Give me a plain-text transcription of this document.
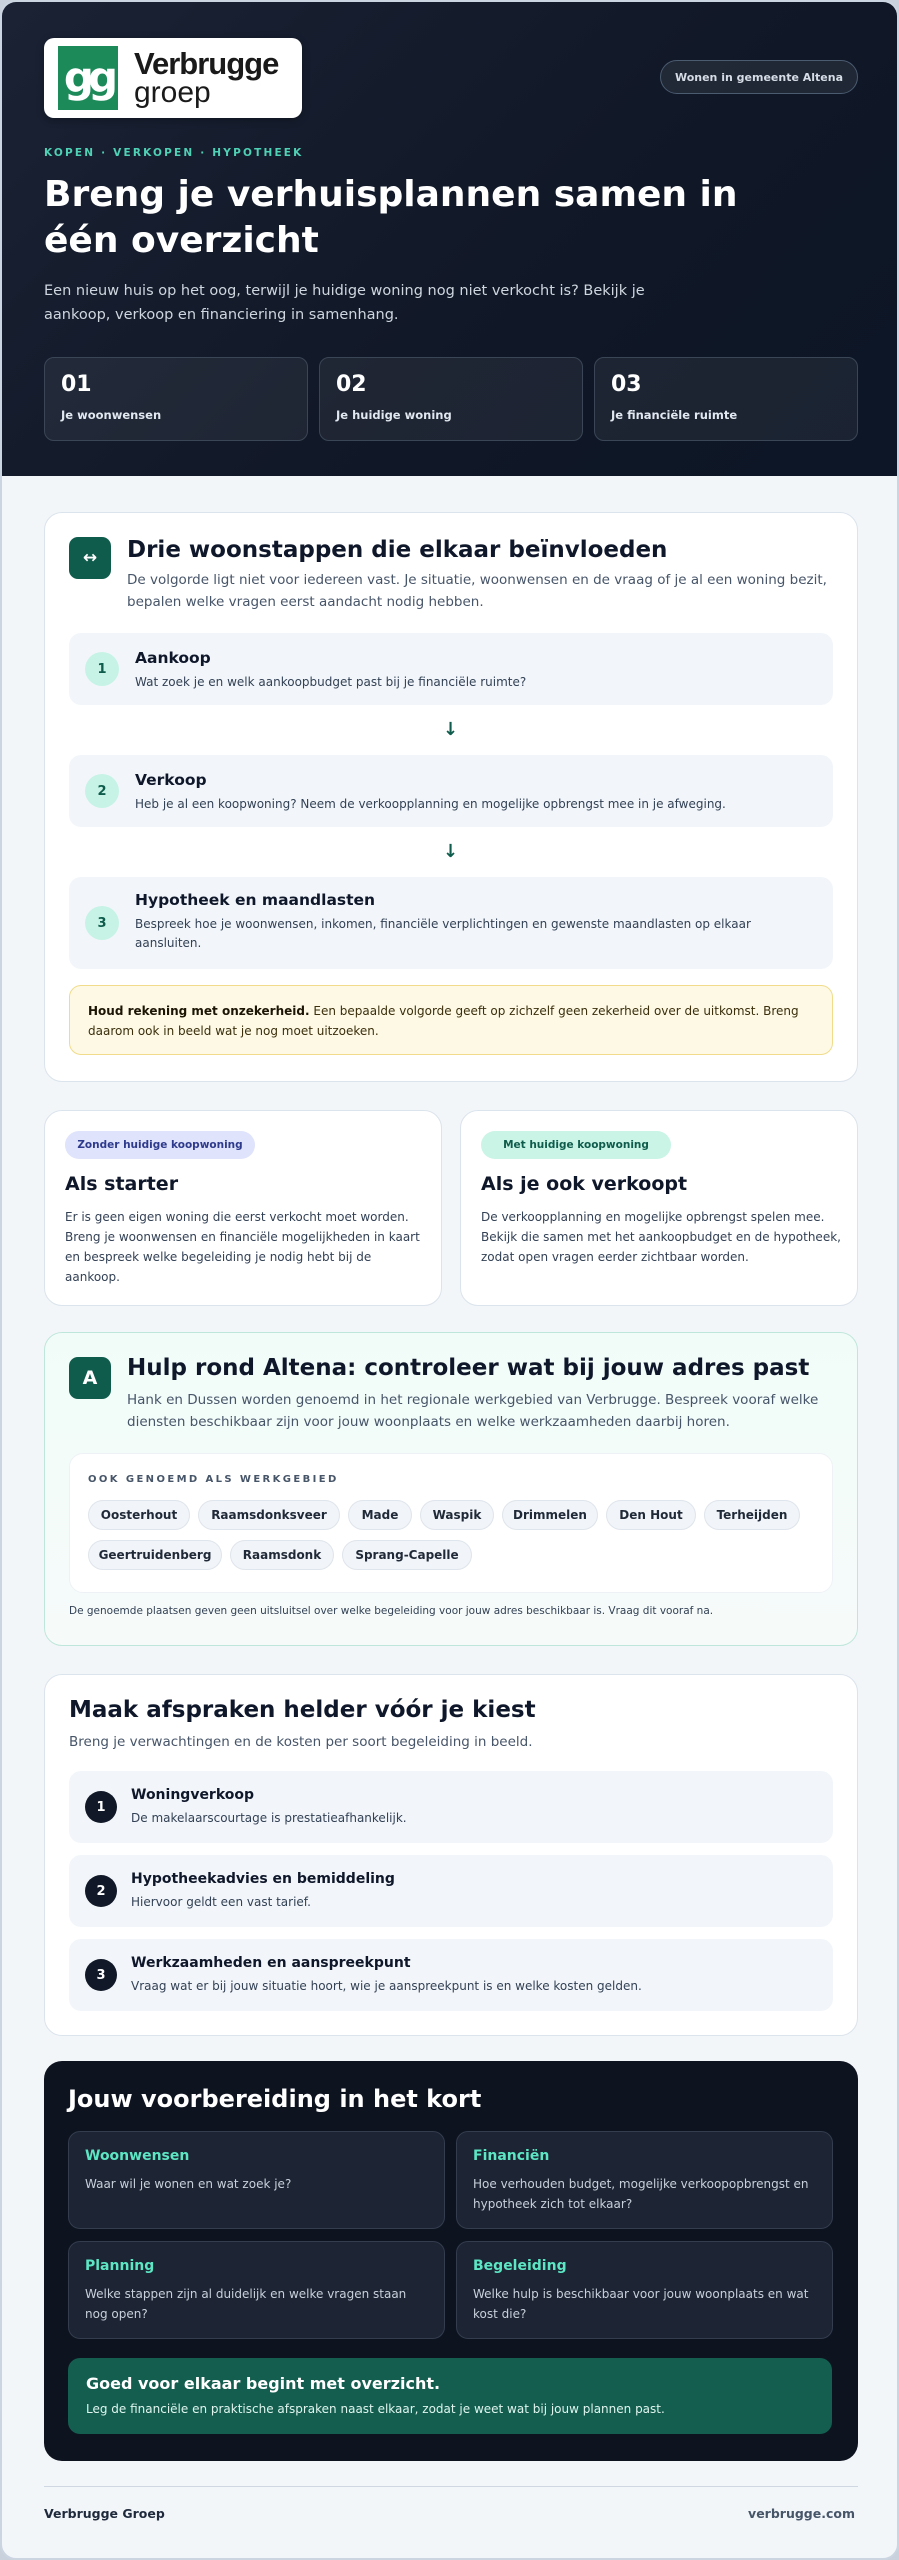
gg Verbrugge
groep	Wonen in gemeente Altena
KOPEN · VERKOPEN · HYPOTHEEK
Breng je verhuisplannen samen in één overzicht
Een nieuw huis op het oog, terwijl je huidige woning nog niet verkocht is? Bekijk je aankoop, verkoop en financiering in samenhang.
01
Je woonwensen
02
Je huidige woning
03
Je financiële ruimte
↔	Drie woonstappen die elkaar beïnvloeden
De volgorde ligt niet voor iedereen vast. Je situatie, woonwensen en de vraag of je al een woning bezit, bepalen welke vragen eerst aandacht nodig hebben.
1
Aankoop
Wat zoek je en welk aankoopbudget past bij je financiële ruimte?
↓
2
Verkoop
Heb je al een koopwoning? Neem de verkoopplanning en mogelijke opbrengst mee in je afweging.
↓
3
Hypotheek en maandlasten
Bespreek hoe je woonwensen, inkomen, financiële verplichtingen en gewenste maandlasten op elkaar aansluiten.
Houd rekening met onzekerheid. Een bepaalde volgorde geeft op zichzelf geen zekerheid over de uitkomst. Breng daarom ook in beeld wat je nog moet uitzoeken.
Zonder huidige koopwoning
Als starter
Er is geen eigen woning die eerst verkocht moet worden. Breng je woonwensen en financiële mogelijkheden in kaart en bespreek welke begeleiding je nodig hebt bij de aankoop.
Met huidige koopwoning
Als je ook verkoopt
De verkoopplanning en mogelijke opbrengst spelen mee. Bekijk die samen met het aankoopbudget en de hypotheek, zodat open vragen eerder zichtbaar worden.
A	Hulp rond Altena: controleer wat bij jouw adres past
Hank en Dussen worden genoemd in het regionale werkgebied van Verbrugge. Bespreek vooraf welke diensten beschikbaar zijn voor jouw woonplaats en welke werkzaamheden daarbij horen.
OOK GENOEMD ALS WERKGEBIED
Oosterhout	Raamsdonksveer	Made	Waspik	Drimmelen	Den Hout	Terheijden
Geertruidenberg	Raamsdonk	Sprang-Capelle
De genoemde plaatsen geven geen uitsluitsel over welke begeleiding voor jouw adres beschikbaar is. Vraag dit vooraf na.
Maak afspraken helder vóór je kiest
Breng je verwachtingen en de kosten per soort begeleiding in beeld.
1
Woningverkoop
De makelaarscourtage is prestatieafhankelijk.
2
Hypotheekadvies en bemiddeling
Hiervoor geldt een vast tarief.
3
Werkzaamheden en aanspreekpunt
Vraag wat er bij jouw situatie hoort, wie je aanspreekpunt is en welke kosten gelden.
Jouw voorbereiding in het kort
Woonwensen
Waar wil je wonen en wat zoek je?
Financiën
Hoe verhouden budget, mogelijke verkoopopbrengst en hypotheek zich tot elkaar?
Planning
Welke stappen zijn al duidelijk en welke vragen staan nog open?
Begeleiding
Welke hulp is beschikbaar voor jouw woonplaats en wat kost die?
Goed voor elkaar begint met overzicht.
Leg de financiële en praktische afspraken naast elkaar, zodat je weet wat bij jouw plannen past.
Verbrugge Groep	verbrugge.com
